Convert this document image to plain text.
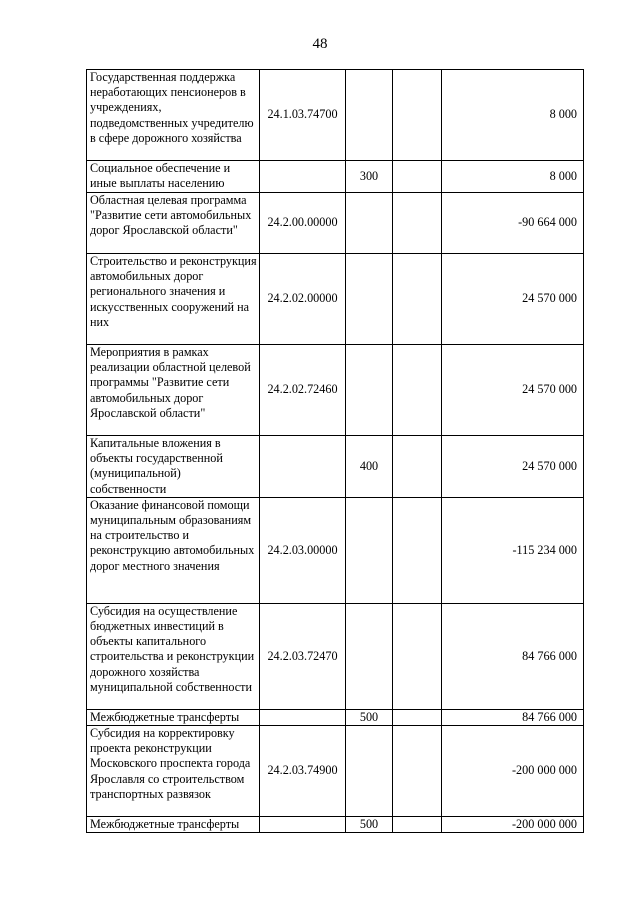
48
Государственная поддержка неработающих пенсионеров в учреждениях, подведомственных учредителю в сфере дорожного хозяйства	24.1.03.74700			8 000
Социальное обеспечение и иные выплаты населению		300		8 000
Областная целевая программа "Развитие сети автомобильных дорог Ярославской области"	24.2.00.00000			-90 664 000
Строительство и реконструкция автомобильных дорог регионального значения и искусственных сооружений на них	24.2.02.00000			24 570 000
Мероприятия в рамках реализации областной целевой программы "Развитие сети автомобильных дорог Ярославской области"	24.2.02.72460			24 570 000
Капитальные вложения в объекты государственной (муниципальной) собственности		400		24 570 000
Оказание финансовой помощи муниципальным образованиям на строительство и реконструкцию автомобильных дорог местного значения	24.2.03.00000			-115 234 000
Субсидия на осуществление бюджетных инвестиций в объекты капитального строительства и реконструкции дорожного хозяйства муниципальной собственности	24.2.03.72470			84 766 000
Межбюджетные трансферты		500		84 766 000
Субсидия на корректировку проекта реконструкции Московского проспекта города Ярославля со строительством транспортных развязок	24.2.03.74900			-200 000 000
Межбюджетные трансферты		500		-200 000 000
